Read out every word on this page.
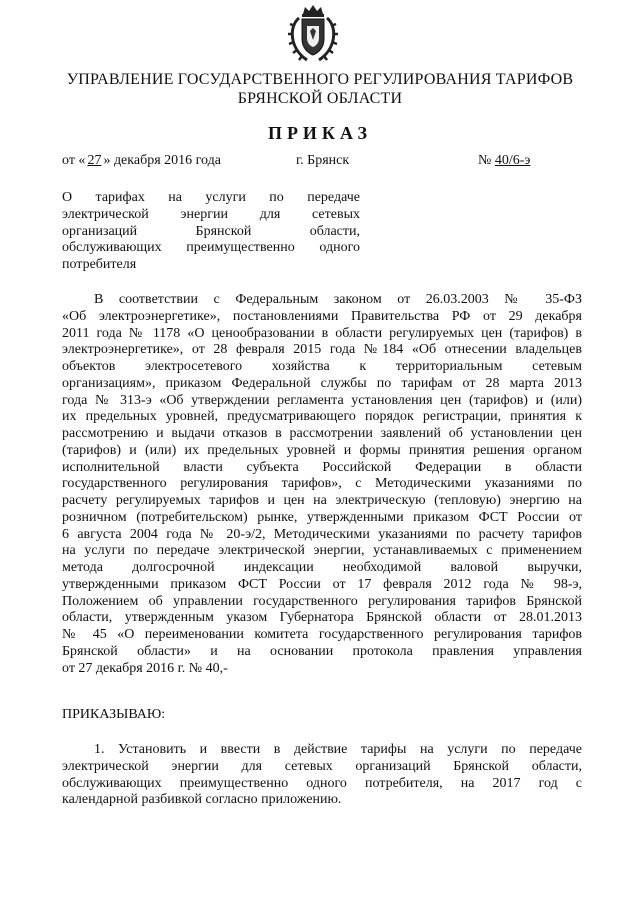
УПРАВЛЕНИЕ ГОСУДАРСТВЕННОГО РЕГУЛИРОВАНИЯ ТАРИФОВ
БРЯНСКОЙ ОБЛАСТИ
ПРИКАЗ
от « 27 » декабря 2016 года	г. Брянск	№ 40/6-э
О тарифах на услуги по передаче
электрической энергии для сетевых
организаций Брянской области,
обслуживающих преимущественно одного
потребителя
В соответствии с Федеральным законом от 26.03.2003 № 35-ФЗ
«Об электроэнергетике», постановлениями Правительства РФ от 29 декабря
2011 года № 1178 «О ценообразовании в области регулируемых цен (тарифов) в
электроэнергетике», от 28 февраля 2015 года №184 «Об отнесении владельцев
объектов электросетевого хозяйства к территориальным сетевым
организациям», приказом Федеральной службы по тарифам от 28 марта 2013
года № 313-э «Об утверждении регламента установления цен (тарифов) и (или)
их предельных уровней, предусматривающего порядок регистрации, принятия к
рассмотрению и выдачи отказов в рассмотрении заявлений об установлении цен
(тарифов) и (или) их предельных уровней и формы принятия решения органом
исполнительной власти субъекта Российской Федерации в области
государственного регулирования тарифов», с Методическими указаниями по
расчету регулируемых тарифов и цен на электрическую (тепловую) энергию на
розничном (потребительском) рынке, утвержденными приказом ФСТ России от
6 августа 2004 года № 20-э/2, Методическими указаниями по расчету тарифов
на услуги по передаче электрической энергии, устанавливаемых с применением
метода долгосрочной индексации необходимой валовой выручки,
утвержденными приказом ФСТ России от 17 февраля 2012 года № 98-э,
Положением об управлении государственного регулирования тарифов Брянской
области, утвержденным указом Губернатора Брянской области от 28.01.2013
№ 45 «О переименовании комитета государственного регулирования тарифов
Брянской области» и на основании протокола правления управления
от 27 декабря 2016 г. № 40,-
ПРИКАЗЫВАЮ:
1. Установить и ввести в действие тарифы на услуги по передаче
электрической энергии для сетевых организаций Брянской области,
обслуживающих преимущественно одного потребителя, на 2017 год с
календарной разбивкой согласно приложению.
